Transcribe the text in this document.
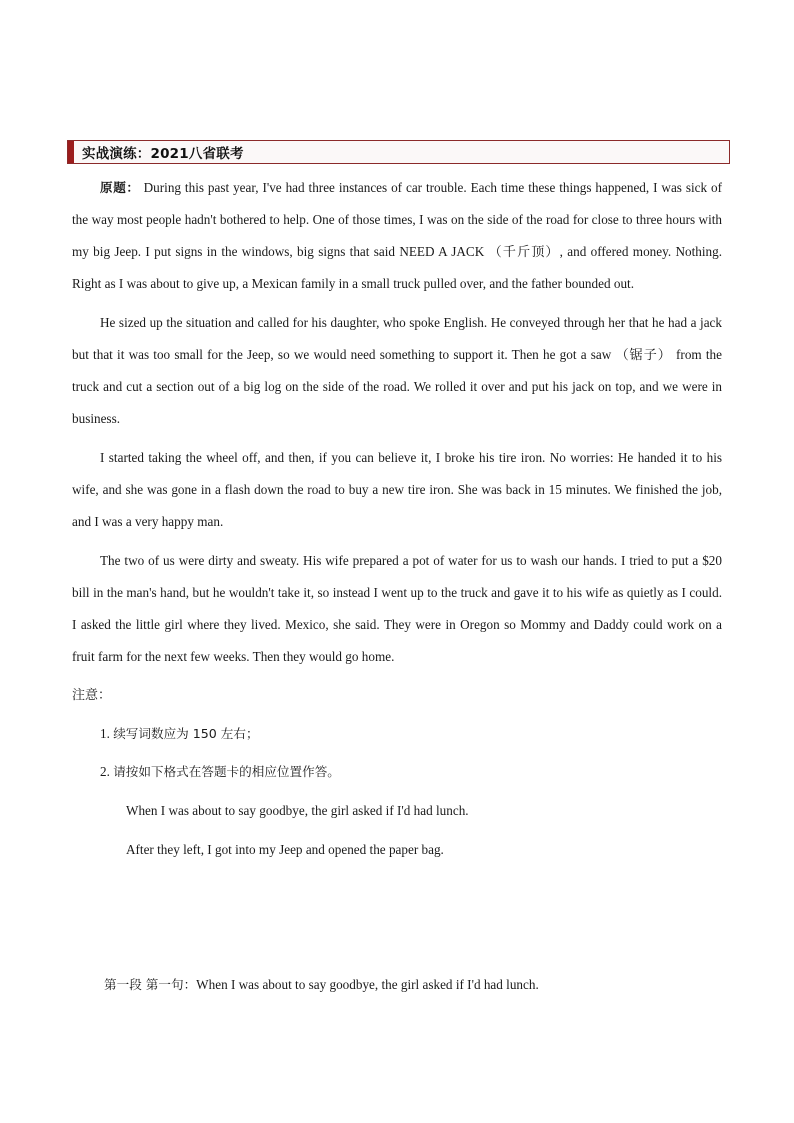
实战演练：2021八省联考

原题： During this past year, I've had three instances of car trouble. Each time these things happened, I was sick of the way most people hadn't bothered to help. One of those times, I was on the side of the road for close to three hours with my big Jeep. I put signs in the windows, big signs that said NEED A JACK （千斤顶）, and offered money. Nothing. Right as I was about to give up, a Mexican family in a small truck pulled over, and the father bounded out.

He sized up the situation and called for his daughter, who spoke English. He conveyed through her that he had a jack but that it was too small for the Jeep, so we would need something to support it. Then he got a saw （锯子） from the truck and cut a section out of a big log on the side of the road. We rolled it over and put his jack on top, and we were in business.

I started taking the wheel off, and then, if you can believe it, I broke his tire iron. No worries: He handed it to his wife, and she was gone in a flash down the road to buy a new tire iron. She was back in 15 minutes. We finished the job, and I was a very happy man.

The two of us were dirty and sweaty. His wife prepared a pot of water for us to wash our hands. I tried to put a $20 bill in the man's hand, but he wouldn't take it, so instead I went up to the truck and gave it to his wife as quietly as I could. I asked the little girl where they lived. Mexico, she said. They were in Oregon so Mommy and Daddy could work on a fruit farm for the next few weeks. Then they would go home.

注意：

1. 续写词数应为 150 左右；

2. 请按如下格式在答题卡的相应位置作答。

When I was about to say goodbye, the girl asked if I'd had lunch.

After they left, I got into my Jeep and opened the paper bag.

第一段 第一句：When I was about to say goodbye, the girl asked if I'd had lunch.
